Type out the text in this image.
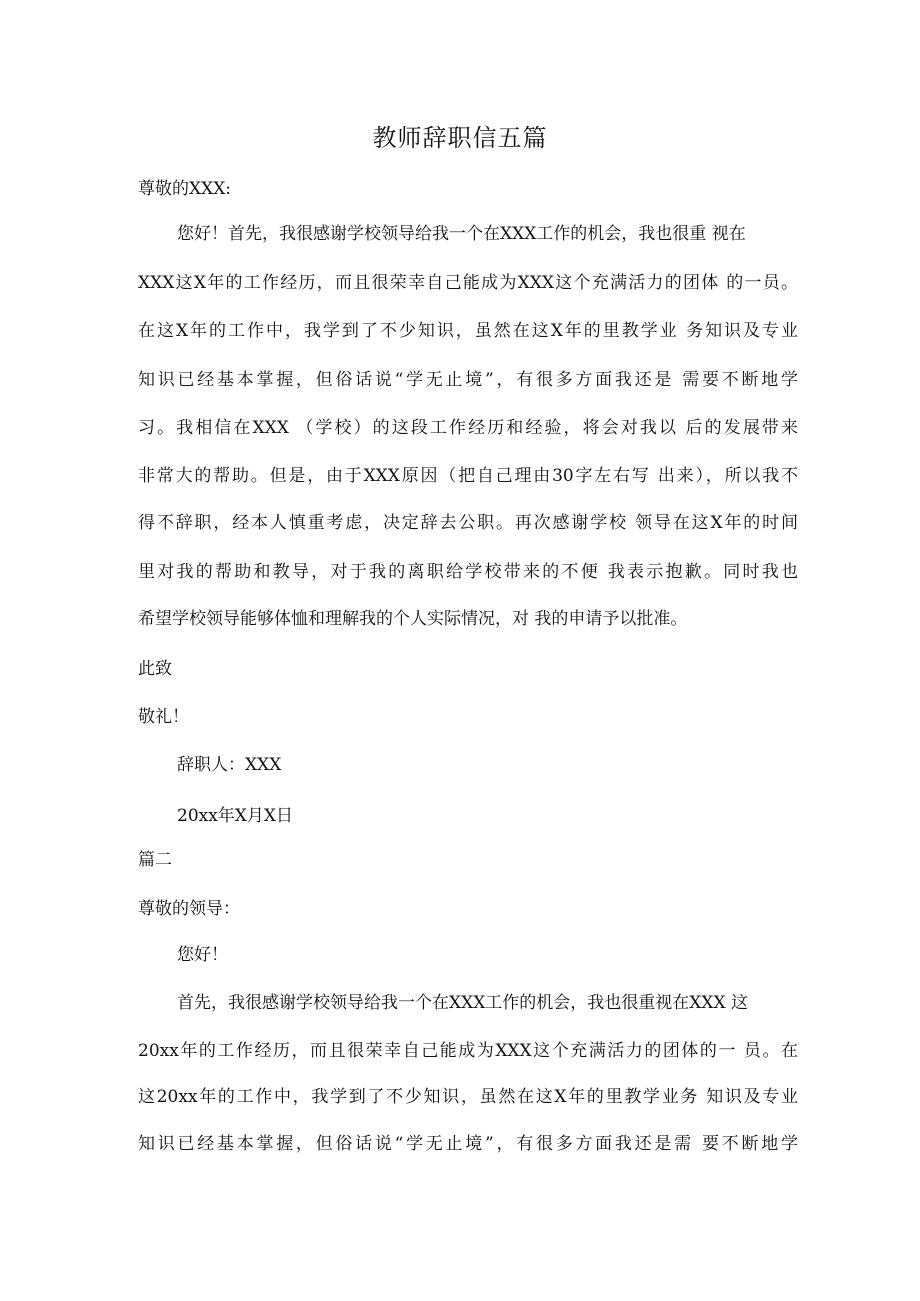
教师辞职信五篇
尊敬的XXX:
您好！首先，我很感谢学校领导给我一个在XXX工作的机会，我也很重 视在
XXX这X年的工作经历，而且很荣幸自己能成为XXX这个充满活力的团体 的一员。
在这X年的工作中，我学到了不少知识，虽然在这X年的里教学业 务知识及专业
知识已经基本掌握，但俗话说“学无止境”，有很多方面我还是 需要不断地学
习。我相信在XXX （学校）的这段工作经历和经验，将会对我以 后的发展带来
非常大的帮助。但是，由于XXX原因（把自己理由30字左右写 出来），所以我不
得不辞职，经本人慎重考虑，决定辞去公职。再次感谢学校 领导在这X年的时间
里对我的帮助和教导，对于我的离职给学校带来的不便 我表示抱歉。同时我也
希望学校领导能够体恤和理解我的个人实际情况，对 我的申请予以批准。
此致
敬礼！
辞职人：XXX
20xx年X月X日
篇二
尊敬的领导：
您好！
首先，我很感谢学校领导给我一个在XXX工作的机会，我也很重视在XXX 这
20xx年的工作经历，而且很荣幸自己能成为XXX这个充满活力的团体的一 员。在
这20xx年的工作中，我学到了不少知识，虽然在这X年的里教学业务 知识及专业
知识已经基本掌握，但俗话说“学无止境”，有很多方面我还是需 要不断地学
